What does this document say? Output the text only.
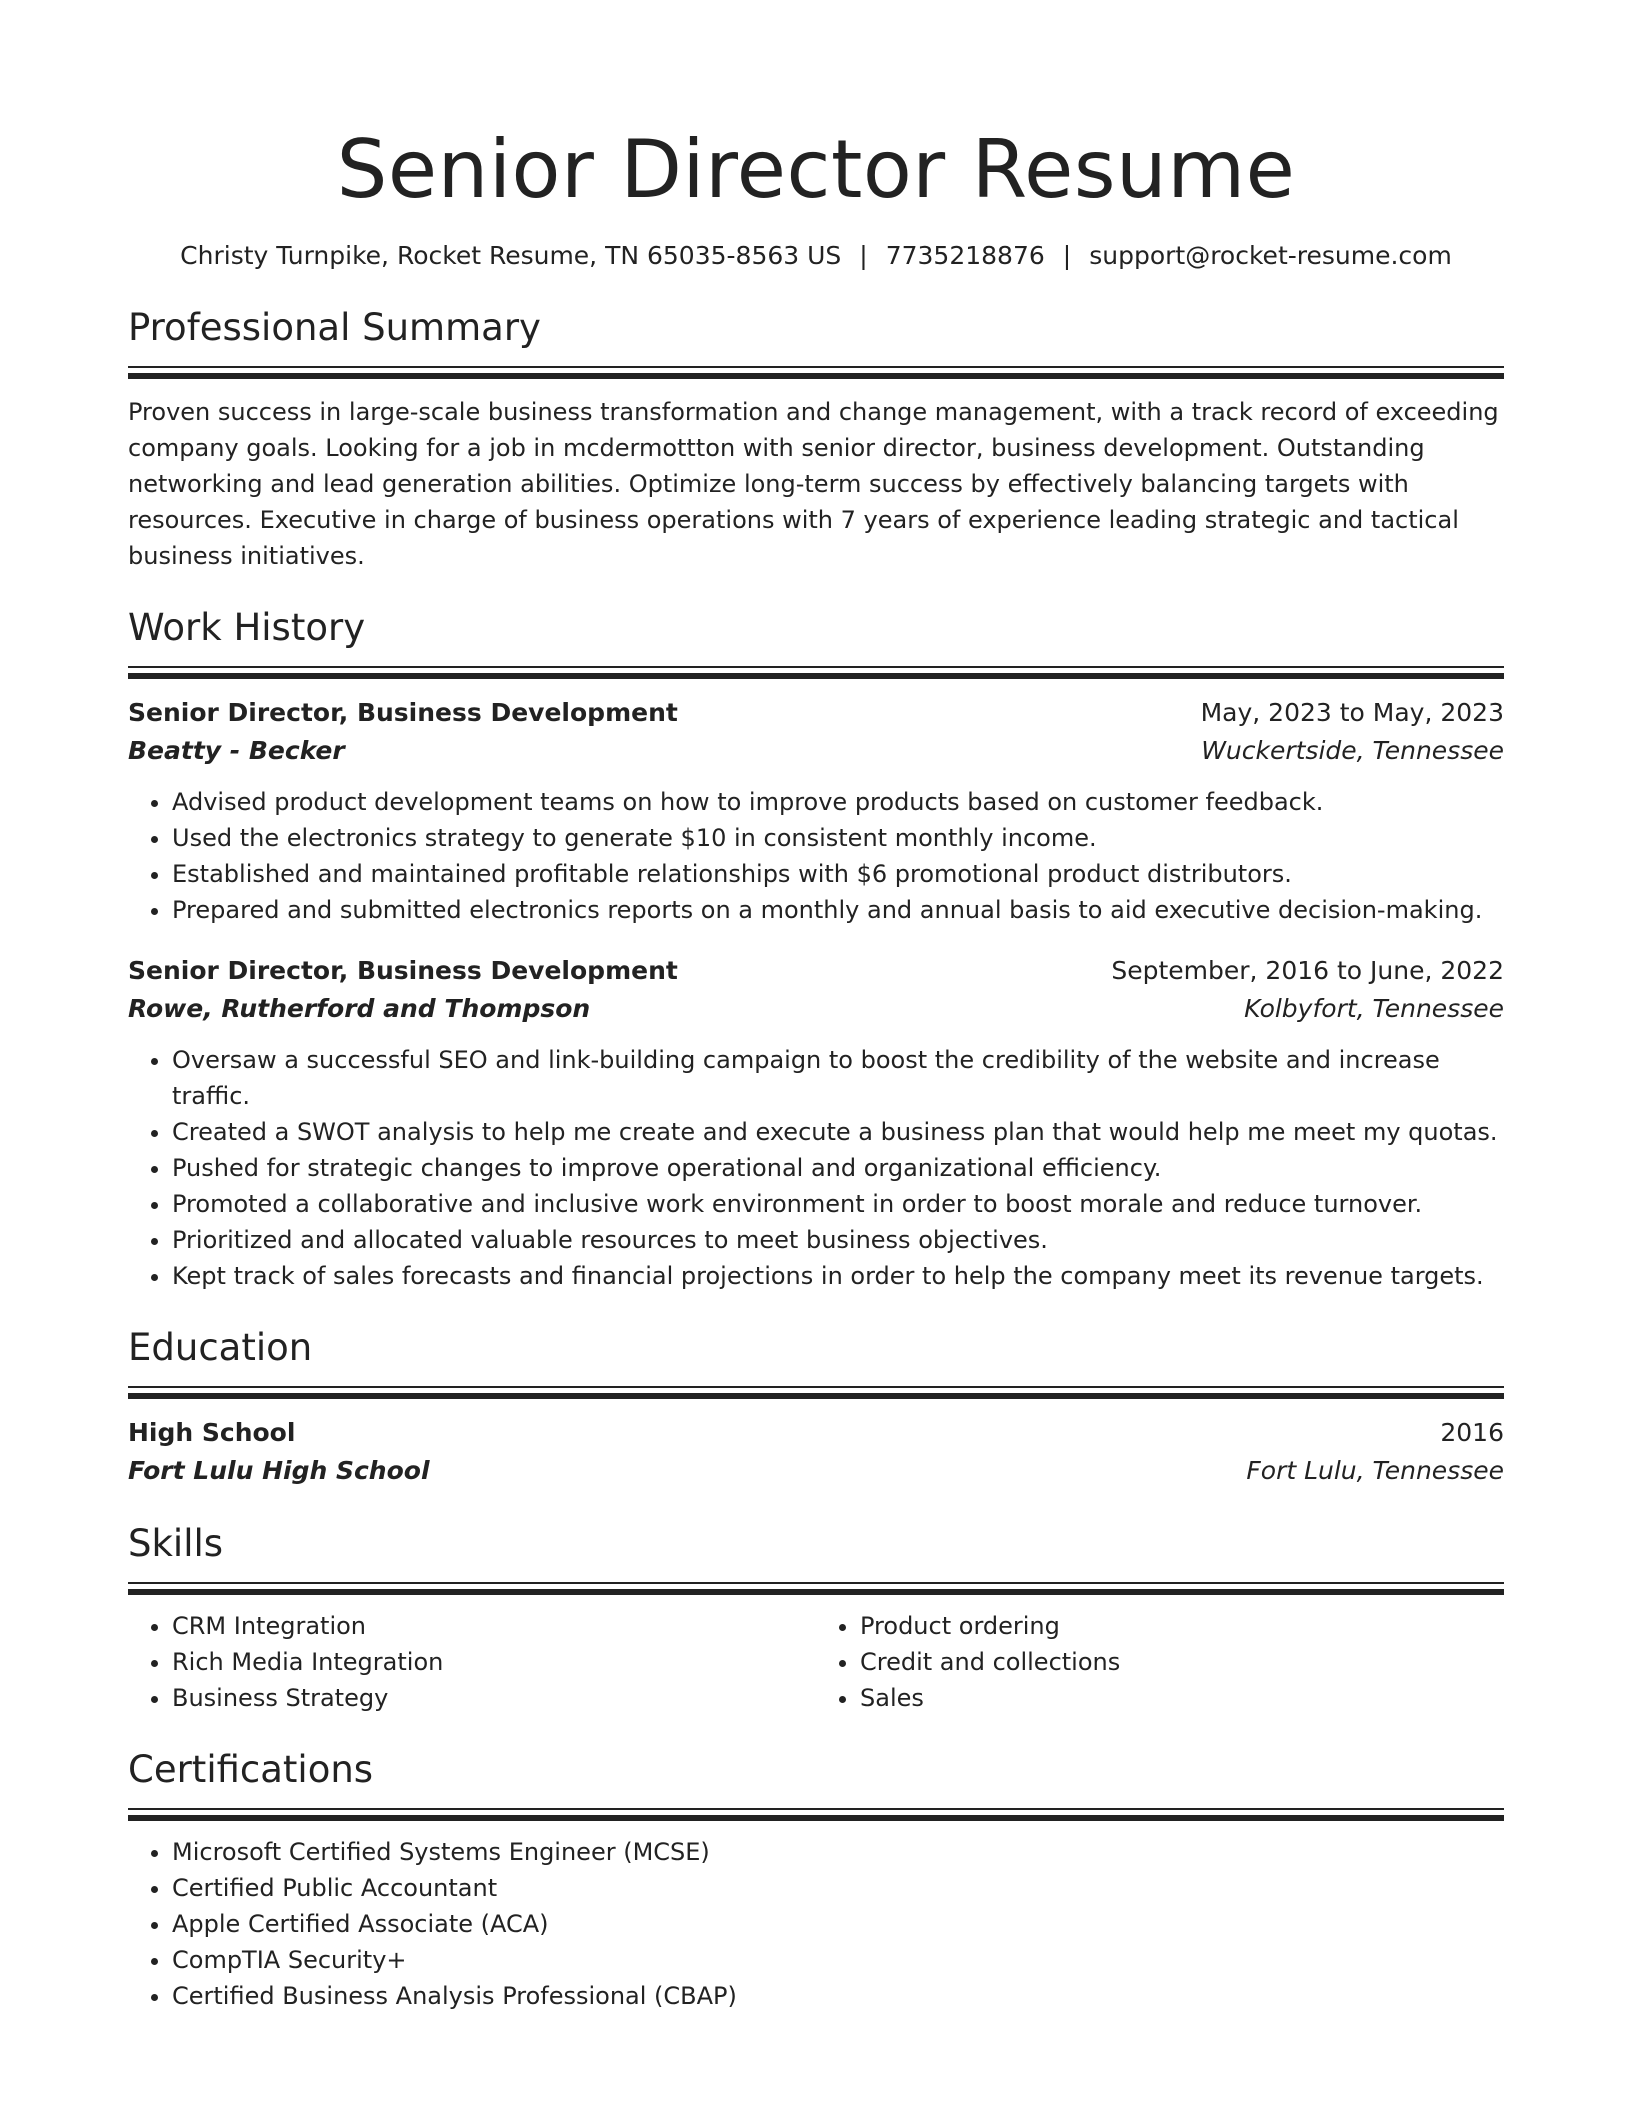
Senior Director Resume
Christy Turnpike, Rocket Resume, TN 65035-8563 US | 7735218876 | support@rocket-resume.com
Professional Summary
Proven success in large-scale business transformation and change management, with a track record of exceeding company goals. Looking for a job in mcdermottton with senior director, business development. Outstanding networking and lead generation abilities. Optimize long-term success by effectively balancing targets with resources. Executive in charge of business operations with 7 years of experience leading strategic and tactical business initiatives.
Work History
Senior Director, Business Development	May, 2023 to May, 2023
Beatty - Becker	Wuckertside, Tennessee
• Advised product development teams on how to improve products based on customer feedback.
• Used the electronics strategy to generate $10 in consistent monthly income.
• Established and maintained profitable relationships with $6 promotional product distributors.
• Prepared and submitted electronics reports on a monthly and annual basis to aid executive decision-making.
Senior Director, Business Development	September, 2016 to June, 2022
Rowe, Rutherford and Thompson	Kolbyfort, Tennessee
• Oversaw a successful SEO and link-building campaign to boost the credibility of the website and increase traffic.
• Created a SWOT analysis to help me create and execute a business plan that would help me meet my quotas.
• Pushed for strategic changes to improve operational and organizational efficiency.
• Promoted a collaborative and inclusive work environment in order to boost morale and reduce turnover.
• Prioritized and allocated valuable resources to meet business objectives.
• Kept track of sales forecasts and financial projections in order to help the company meet its revenue targets.
Education
High School	2016
Fort Lulu High School	Fort Lulu, Tennessee
Skills
• CRM Integration
• Rich Media Integration
• Business Strategy
• Product ordering
• Credit and collections
• Sales
Certifications
• Microsoft Certified Systems Engineer (MCSE)
• Certified Public Accountant
• Apple Certified Associate (ACA)
• CompTIA Security+
• Certified Business Analysis Professional (CBAP)
